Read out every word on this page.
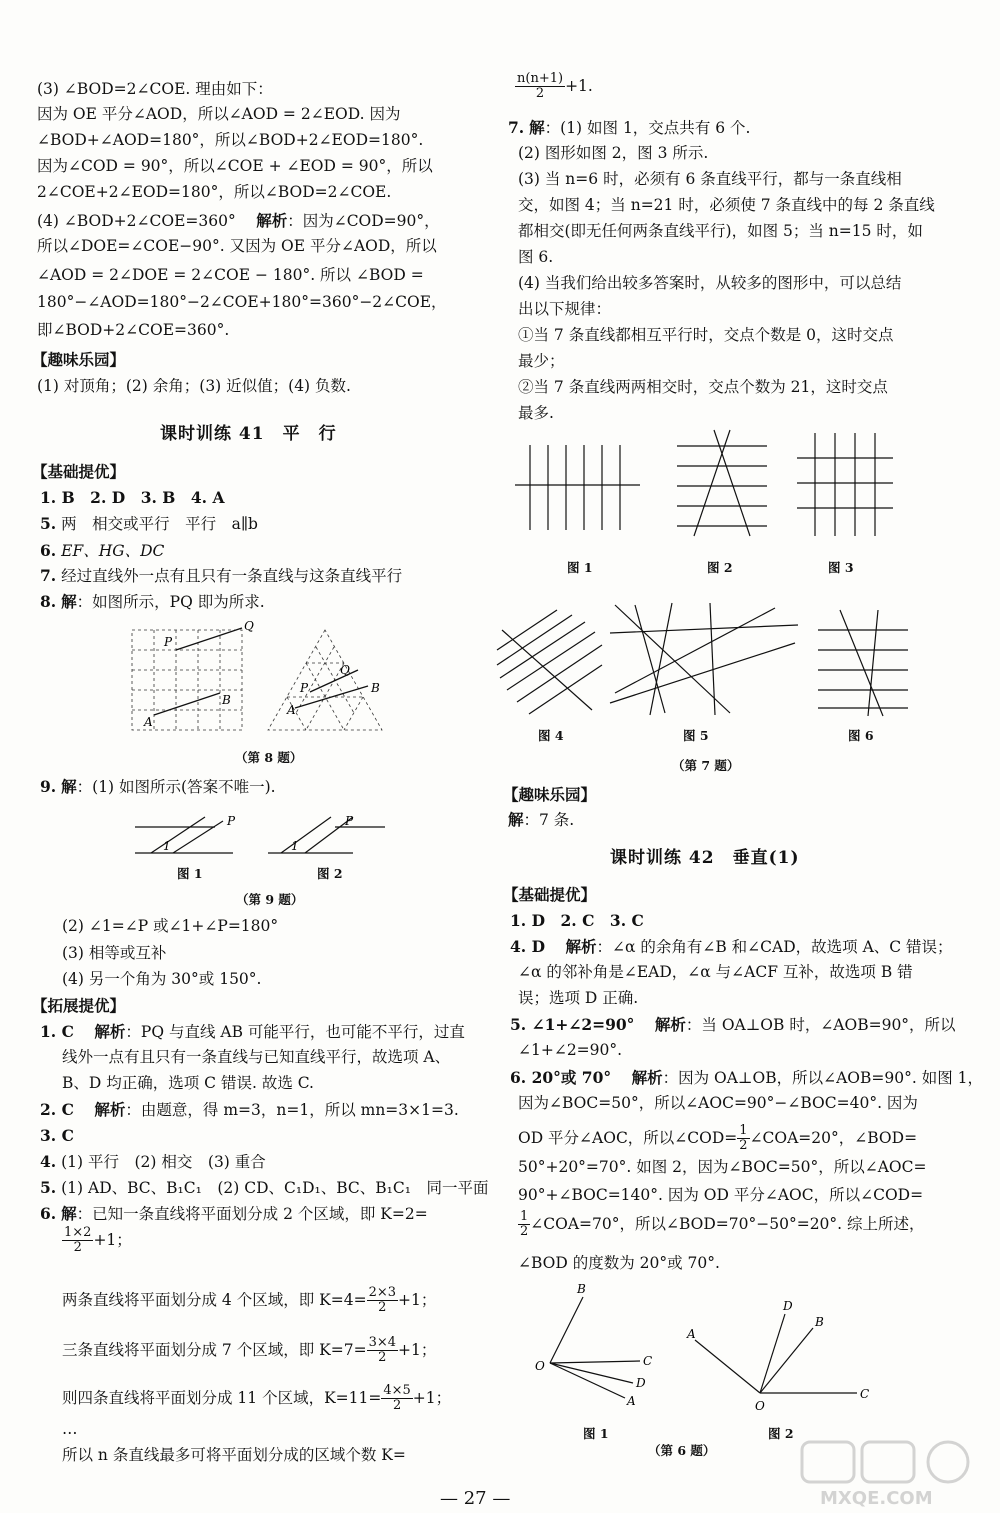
(3) ∠BOD=2∠COE. 理由如下：
因为 OE 平分∠AOD，所以∠AOD = 2∠EOD. 因为
∠BOD+∠AOD=180°，所以∠BOD+2∠EOD=180°.
因为∠COD = 90°，所以∠COE + ∠EOD = 90°，所以
2∠COE+2∠EOD=180°，所以∠BOD=2∠COE.
(4) ∠BOD+2∠COE=360° 　 解析：因为∠COD=90°，
所以∠DOE=∠COE−90°. 又因为 OE 平分∠AOD，所以
∠AOD = 2∠DOE = 2∠COE − 180°. 所以 ∠BOD =
180°−∠AOD=180°−2∠COE+180°=360°−2∠COE，
即∠BOD+2∠COE=360°.
【趣味乐园】
(1) 对顶角；(2) 余角；(3) 近似值；(4) 负数.
课时训练 41　平　行
【基础提优】
1. B　2. D　3. B　4. A
5. 两　相交或平行　平行　a∥b
6. EF、HG、DC
7. 经过直线外一点有且只有一条直线与这条直线平行
8. 解：如图所示，PQ 即为所求.
P
Q
A
B
P
Q
A
B
（第 8 题）
9. 解：(1) 如图所示(答案不唯一).
1
P
1
P
图 1	图 2
（第 9 题）
(2) ∠1=∠P 或∠1+∠P=180°
(3) 相等或互补
(4) 另一个角为 30°或 150°.
【拓展提优】
1. C 　 解析：PQ 与直线 AB 可能平行，也可能不平行，过直
线外一点有且只有一条直线与已知直线平行，故选项 A、
B、D 均正确，选项 C 错误. 故选 C.
2. C 　 解析：由题意，得 m=3，n=1，所以 mn=3×1=3.
3. C
4. (1) 平行　(2) 相交　(3) 重合
5. (1) AD、BC、B₁C₁　(2) CD、C₁D₁、BC、B₁C₁　同一平面
6. 解：已知一条直线将平面划分成 2 个区域，即 K=2=
$\frac{1\times 2}{2} +1$；
两条直线将平面划分成 4 个区域，即 $K=4= \frac{2\times 3}{2} +1$；
三条直线将平面划分成 7 个区域，即 $K=7= \frac{3\times 4}{2} +1$；
则四条直线将平面划分成 11 个区域，$K=11= \frac{4\times 5}{2} +1$；
…
所以 n 条直线最多可将平面划分成的区域个数 K=
$\frac{n(n+1)}{2} +1$.
7. 解：(1) 如图 1，交点共有 6 个.
(2) 图形如图 2，图 3 所示.
(3) 当 n=6 时，必须有 6 条直线平行，都与一条直线相
交，如图 4；当 n=21 时，必须使 7 条直线中的每 2 条直线
都相交(即无任何两条直线平行)，如图 5；当 n=15 时，如
图 6.
(4) 当我们给出较多答案时，从较多的图形中，可以总结
出以下规律：
①当 7 条直线都相互平行时，交点个数是 0，这时交点
最少；
②当 7 条直线两两相交时，交点个数为 21，这时交点
最多.
图 1	图 2	图 3
图 4	图 5	图 6
（第 7 题）
【趣味乐园】
解：7 条.
课时训练 42　垂直(1)
【基础提优】
1. D　2. C　3. C
4. D 　 解析：∠α 的余角有∠B 和∠CAD，故选项 A、C 错误；
∠α 的邻补角是∠EAD，∠α 与∠ACF 互补，故选项 B 错
误；选项 D 正确.
5. ∠1+∠2=90° 　 解析：当 OA⊥OB 时，∠AOB=90°，所以
∠1+∠2=90°.
6. 20°或 70° 　 解析：因为 OA⊥OB，所以∠AOB=90°. 如图 1，
因为∠BOC=50°，所以∠AOC=90°−∠BOC=40°. 因为
OD 平分∠AOC，所以∠COD= $\frac{1}{2}$ ∠COA=20°，∠BOD=
50°+20°=70°. 如图 2，因为∠BOC=50°，所以∠AOC=
90°+∠BOC=140°. 因为 OD 平分∠AOC，所以∠COD=
$\frac{1}{2}$ ∠COA=70°，所以∠BOD=70°−50°=20°. 综上所述，
∠BOD 的度数为 20°或 70°.
B
O	C
D
A
A
D
B
O
C
图 1	图 2
（第 6 题）
— 27 —	MXQE.COM
